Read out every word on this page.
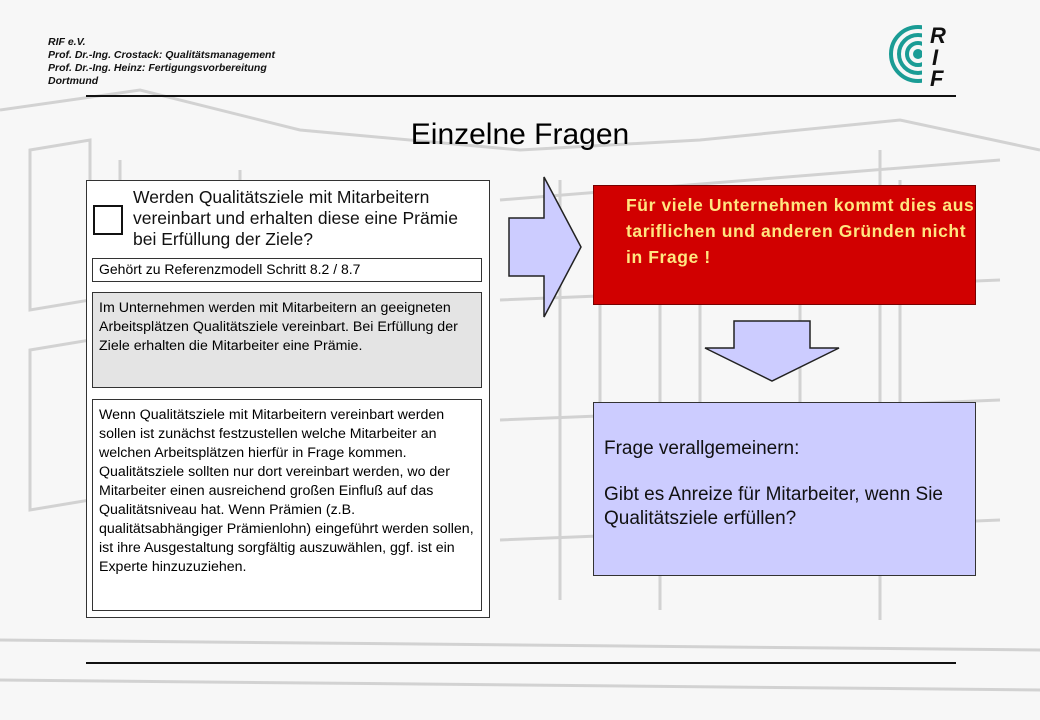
RIF e.V.
Prof. Dr.-Ing. Crostack: Qualitätsmanagement
Prof. Dr.-Ing. Heinz: Fertigungsvorbereitung
Dortmund
R
I
F
Einzelne Fragen
Werden Qualitätsziele mit Mitarbeitern vereinbart und erhalten diese eine Prämie bei Erfüllung der Ziele?
Gehört zu Referenzmodell Schritt 8.2 / 8.7
Im Unternehmen werden mit Mitarbeitern an geeigneten Arbeitsplätzen Qualitätsziele vereinbart. Bei Erfüllung der Ziele erhalten die Mitarbeiter eine Prämie.
Wenn Qualitätsziele mit Mitarbeitern vereinbart werden sollen ist zunächst festzustellen welche Mitarbeiter an welchen Arbeitsplätzen hierfür in Frage kommen. Qualitätsziele sollten nur dort vereinbart werden, wo der Mitarbeiter einen ausreichend großen Einfluß auf das Qualitätsniveau hat. Wenn Prämien (z.B. qualitätsabhängiger Prämienlohn) eingeführt werden sollen, ist ihre Ausgestaltung sorgfältig auszuwählen, ggf. ist ein Experte hinzuzuziehen.
Für viele Unternehmen kommt dies aus tariflichen und anderen Gründen nicht in Frage !
Frage verallgemeinern:
Gibt es Anreize für Mitarbeiter, wenn Sie Qualitätsziele erfüllen?
